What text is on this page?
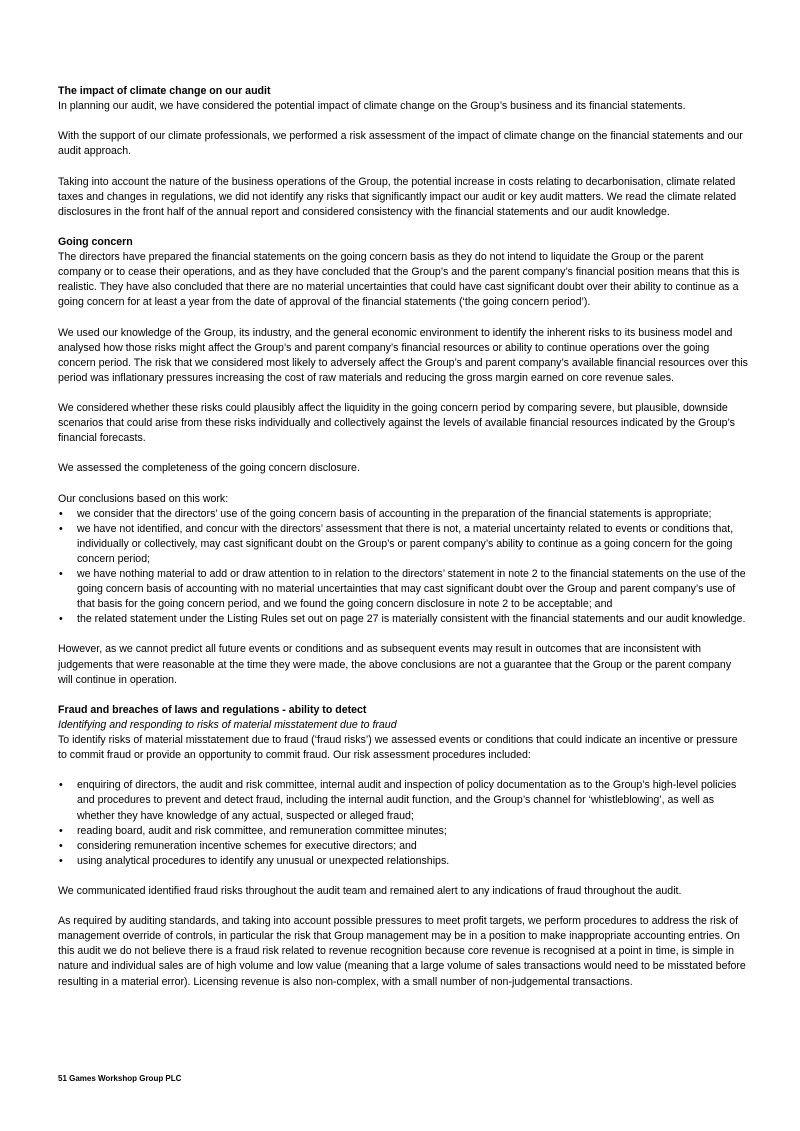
The impact of climate change on our audit

In planning our audit, we have considered the potential impact of climate change on the Group’s business and its financial statements.

With the support of our climate professionals, we performed a risk assessment of the impact of climate change on the financial statements and our audit approach.

Taking into account the nature of the business operations of the Group, the potential increase in costs relating to decarbonisation, climate related taxes and changes in regulations, we did not identify any risks that significantly impact our audit or key audit matters. We read the climate related disclosures in the front half of the annual report and considered consistency with the financial statements and our audit knowledge.

Going concern

The directors have prepared the financial statements on the going concern basis as they do not intend to liquidate the Group or the parent company or to cease their operations, and as they have concluded that the Group’s and the parent company’s financial position means that this is realistic. They have also concluded that there are no material uncertainties that could have cast significant doubt over their ability to continue as a going concern for at least a year from the date of approval of the financial statements (‘the going concern period’).

We used our knowledge of the Group, its industry, and the general economic environment to identify the inherent risks to its business model and analysed how those risks might affect the Group’s and parent company’s financial resources or ability to continue operations over the going concern period. The risk that we considered most likely to adversely affect the Group’s and parent company’s available financial resources over this period was inflationary pressures increasing the cost of raw materials and reducing the gross margin earned on core revenue sales.

We considered whether these risks could plausibly affect the liquidity in the going concern period by comparing severe, but plausible, downside scenarios that could arise from these risks individually and collectively against the levels of available financial resources indicated by the Group’s financial forecasts.

We assessed the completeness of the going concern disclosure.

Our conclusions based on this work:

• we consider that the directors’ use of the going concern basis of accounting in the preparation of the financial statements is appropriate;
• we have not identified, and concur with the directors’ assessment that there is not, a material uncertainty related to events or conditions that, individually or collectively, may cast significant doubt on the Group’s or parent company’s ability to continue as a going concern for the going concern period;
• we have nothing material to add or draw attention to in relation to the directors’ statement in note 2 to the financial statements on the use of the going concern basis of accounting with no material uncertainties that may cast significant doubt over the Group and parent company’s use of that basis for the going concern period, and we found the going concern disclosure in note 2 to be acceptable; and
• the related statement under the Listing Rules set out on page 27 is materially consistent with the financial statements and our audit knowledge.

However, as we cannot predict all future events or conditions and as subsequent events may result in outcomes that are inconsistent with judgements that were reasonable at the time they were made, the above conclusions are not a guarantee that the Group or the parent company will continue in operation.

Fraud and breaches of laws and regulations - ability to detect

Identifying and responding to risks of material misstatement due to fraud

To identify risks of material misstatement due to fraud (‘fraud risks’) we assessed events or conditions that could indicate an incentive or pressure to commit fraud or provide an opportunity to commit fraud. Our risk assessment procedures included:

• enquiring of directors, the audit and risk committee, internal audit and inspection of policy documentation as to the Group’s high-level policies and procedures to prevent and detect fraud, including the internal audit function, and the Group’s channel for ‘whistleblowing’, as well as whether they have knowledge of any actual, suspected or alleged fraud;
• reading board, audit and risk committee, and remuneration committee minutes;
• considering remuneration incentive schemes for executive directors; and
• using analytical procedures to identify any unusual or unexpected relationships.

We communicated identified fraud risks throughout the audit team and remained alert to any indications of fraud throughout the audit.

As required by auditing standards, and taking into account possible pressures to meet profit targets, we perform procedures to address the risk of management override of controls, in particular the risk that Group management may be in a position to make inappropriate accounting entries. On this audit we do not believe there is a fraud risk related to revenue recognition because core revenue is recognised at a point in time, is simple in nature and individual sales are of high volume and low value (meaning that a large volume of sales transactions would need to be misstated before resulting in a material error). Licensing revenue is also non-complex, with a small number of non-judgemental transactions.

51 Games Workshop Group PLC
